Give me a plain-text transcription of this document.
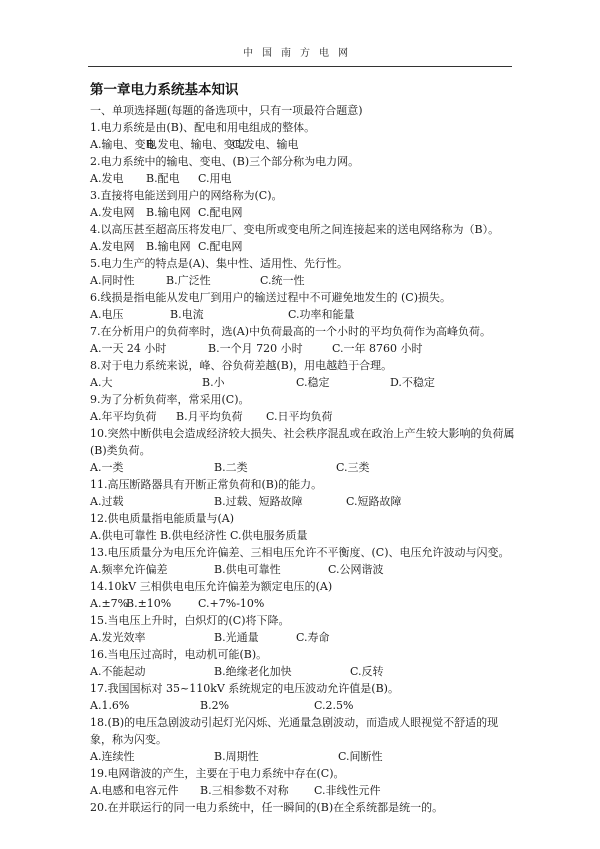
中国南方电网
第一章电力系统基本知识
一、单项选择题(每题的备选项中，只有一项最符合题意)
1.电力系统是由(B)、配电和用电组成的整体。
A.输电、变电
B.发电、输电、变电
C.发电、输电
2.电力系统中的输电、变电、(B)三个部分称为电力网。
A.发电 B.配电 C.用电
3.直接将电能送到用户的网络称为(C)。
A.发电网 B.输电网 C.配电网
4.以高压甚至超高压将发电厂、变电所或变电所之间连接起来的送电网络称为（B）。
A.发电网 B.输电网 C.配电网
5.电力生产的特点是(A)、集中性、适用性、先行性。
A.同时性	B.广泛性	C.统一性
6.线损是指电能从发电厂到用户的输送过程中不可避免地发生的 (C)损失。
A.电压	B.电流	C.功率和能量
7.在分析用户的负荷率时，选(A)中负荷最高的一个小时的平均负荷作为高峰负荷。
A.一天 24 小时	B.一个月 720 小时	C.一年 8760 小时
8.对于电力系统来说，峰、谷负荷差越(B)，用电越趋于合理。
A.大	B.小	C.稳定	D.不稳定
9.为了分析负荷率，常采用(C)。
A.年平均负荷 B.月平均负荷 C.日平均负荷
10.突然中断供电会造成经济较大损失、社会秩序混乱或在政治上产生较大影响的负荷属(B)类负荷。
A.一类	B.二类	C.三类
11.高压断路器具有开断正常负荷和(B)的能力。
A.过载	B.过载、短路故障	C.短路故障
12.供电质量指电能质量与(A)
A.供电可靠性 B.供电经济性 C.供电服务质量
13.电压质量分为电压允许偏差、三相电压允许不平衡度、(C)、电压允许波动与闪变。
A.频率允许偏差	B.供电可靠性	C.公网谐波
14.10kV 三相供电电压允许偏差为额定电压的(A)
A.±7%
B.±10% C.+7%-10%
15.当电压上升时，白炽灯的(C)将下降。
A.发光效率	B.光通量	C.寿命
16.当电压过高时，电动机可能(B)。
A.不能起动	B.绝缘老化加快	C.反转
17.我国国标对 35~110kV 系统规定的电压波动允许值是(B)。
A.1.6%	B.2%	C.2.5%
18.(B)的电压急剧波动引起灯光闪烁、光通量急剧波动，而造成人眼视觉不舒适的现象，称为闪变。
A.连续性	B.周期性	C.间断性
19.电网谐波的产生，主要在于电力系统中存在(C)。
A.电感和电容元件 B.三相参数不对称 C.非线性元件
20.在并联运行的同一电力系统中，任一瞬间的(B)在全系统都是统一的。
